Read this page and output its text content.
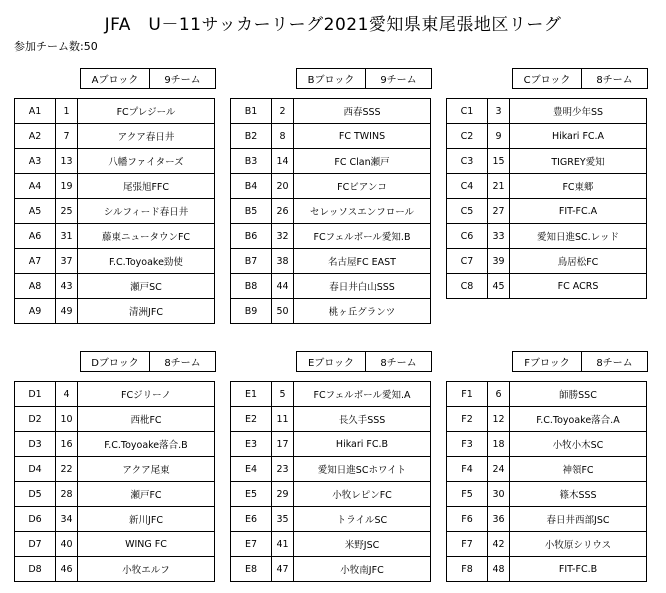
JFA　U－11サッカーリーグ2021愛知県東尾張地区リーグ
参加チーム数:50
Aブロック	9チーム	Bブロック	9チーム	Cブロック	8チーム
Dブロック	8チーム	Eブロック	8チーム	Fブロック	8チーム
A1	1	FCプレジール
A2	7	アクア春日井
A3	13	八幡ファイターズ
A4	19	尾張旭FFC
A5	25	シルフィード春日井
A6	31	藤東ニュータウンFC
A7	37	F.C.Toyoake勁使
A8	43	瀬戸SC
A9	49	清洲JFC
B1	2	西春SSS
B2	8	FC TWINS
B3	14	FC Clan瀬戸
B4	20	FCビアンコ
B5	26	セレッソスエンフロール
B6	32	FCフェルボール愛知.B
B7	38	名古屋FC EAST
B8	44	春日井白山SSS
B9	50	桃ヶ丘グランツ
C1	3	豊明少年SS
C2	9	Hikari FC.A
C3	15	TIGREY愛知
C4	21	FC東郷
C5	27	FIT-FC.A
C6	33	愛知日進SC.レッド
C7	39	鳥居松FC
C8	45	FC ACRS
D1	4	FCジリーノ
D2	10	西枇FC
D3	16	F.C.Toyoake落合.B
D4	22	アクア尾東
D5	28	瀬戸FC
D6	34	新川JFC
D7	40	WING FC
D8	46	小牧エルフ
E1	5	FCフェルボール愛知.A
E2	11	長久手SSS
E3	17	Hikari FC.B
E4	23	愛知日進SCホワイト
E5	29	小牧レピンFC
E6	35	トライルSC
E7	41	米野JSC
E8	47	小牧南JFC
F1	6	師勝SSC
F2	12	F.C.Toyoake落合.A
F3	18	小牧小木SC
F4	24	神領FC
F5	30	篠木SSS
F6	36	春日井西部JSC
F7	42	小牧原シリウス
F8	48	FIT-FC.B
